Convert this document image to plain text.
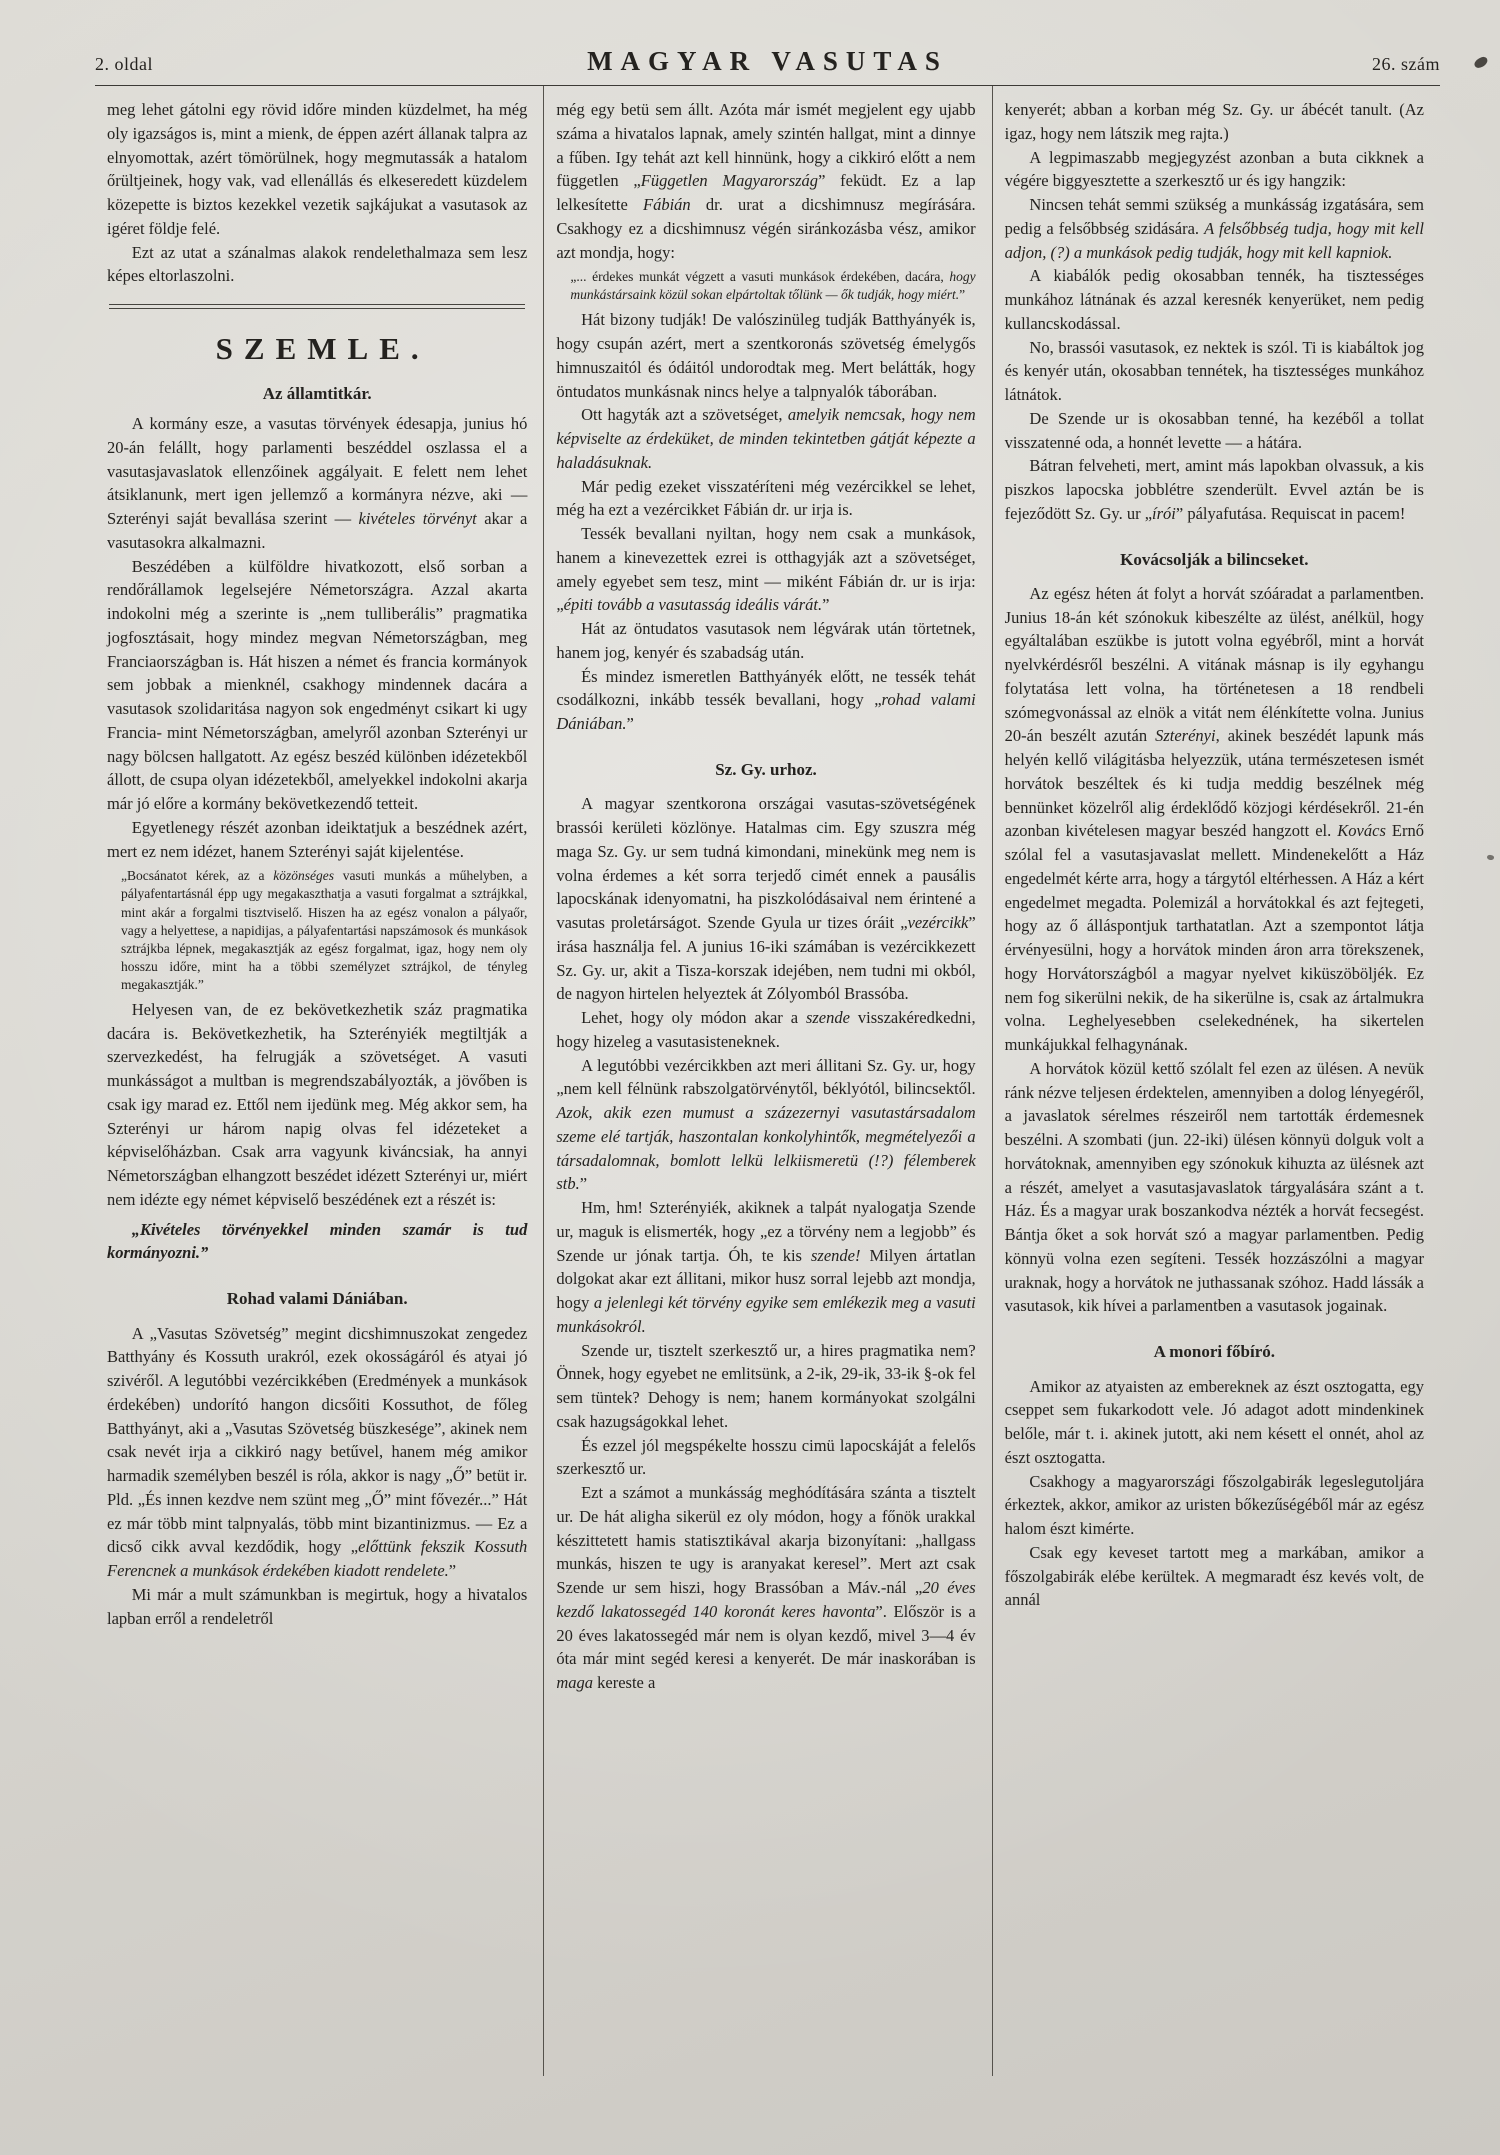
2. oldal	MAGYAR VASUTAS	26. szám
meg lehet gátolni egy rövid időre minden küzdelmet, ha még oly igazságos is, mint a mienk, de éppen azért állanak talpra az elnyomottak, azért tömörülnek, hogy megmutassák a hatalom őrültjeinek, hogy vak, vad ellenállás és elkeseredett küzdelem közepette is biztos kezekkel vezetik sajkájukat a vasutasok az igéret földje felé.
Ezt az utat a szánalmas alakok rendelethalmaza sem lesz képes eltorlaszolni.
SZEMLE.
Az államtitkár.
A kormány esze, a vasutas törvények édesapja, junius hó 20-án felállt, hogy parlamenti beszéddel oszlassa el a vasutasjavaslatok ellenzőinek aggályait. E felett nem lehet átsiklanunk, mert igen jellemző a kormányra nézve, aki — Szterényi saját bevallása szerint — kivételes törvényt akar a vasutasokra alkalmazni.
Beszédében a külföldre hivatkozott, első sorban a rendőrállamok legelsejére Németországra. Azzal akarta indokolni még a szerinte is „nem tulliberális” pragmatika jogfosztásait, hogy mindez megvan Németországban, meg Franciaországban is. Hát hiszen a német és francia kormányok sem jobbak a mienknél, csakhogy mindennek dacára a vasutasok szolidaritása nagyon sok engedményt csikart ki ugy Francia- mint Németországban, amelyről azonban Szterényi ur nagy bölcsen hallgatott. Az egész beszéd különben idézetekből állott, de csupa olyan idézetekből, amelyekkel indokolni akarja már jó előre a kormány bekövetkezendő tetteit.
Egyetlenegy részét azonban ideiktatjuk a beszédnek azért, mert ez nem idézet, hanem Szterényi saját kijelentése.
„Bocsánatot kérek, az a közönséges vasuti munkás a műhelyben, a pályafentartásnál épp ugy megakaszthatja a vasuti forgalmat a sztrájkkal, mint akár a forgalmi tisztviselő. Hiszen ha az egész vonalon a pályaőr, vagy a helyettese, a napidijas, a pályafentartási napszámosok és munkások sztrájkba lépnek, megakasztják az egész forgalmat, igaz, hogy nem oly hosszu időre, mint ha a többi személyzet sztrájkol, de tényleg megakasztják.”
Helyesen van, de ez bekövetkezhetik száz pragmatika dacára is. Bekövetkezhetik, ha Szterényiék megtiltják a szervezkedést, ha felrugják a szövetséget. A vasuti munkásságot a multban is megrendszabályozták, a jövőben is csak igy marad ez. Ettől nem ijedünk meg. Még akkor sem, ha Szterényi ur három napig olvas fel idézeteket a képviselőházban. Csak arra vagyunk kiváncsiak, ha annyi Németországban elhangzott beszédet idézett Szterényi ur, miért nem idézte egy német képviselő beszédének ezt a részét is:
„Kivételes törvényekkel minden szamár is tud kormányozni.”
Rohad valami Dániában.
A „Vasutas Szövetség” megint dicshimnuszokat zengedez Batthyány és Kossuth urakról, ezek okosságáról és atyai jó szivéről. A legutóbbi vezércikkében (Eredmények a munkások érdekében) undorító hangon dicsőiti Kossuthot, de főleg Batthyányt, aki a „Vasutas Szövetség büszkesége”, akinek nem csak nevét irja a cikkiró nagy betűvel, hanem még amikor harmadik személyben beszél is róla, akkor is nagy „Ő” betüt ir. Pld. „És innen kezdve nem szünt meg „Ő” mint fővezér...” Hát ez már több mint talpnyalás, több mint bizantinizmus. — Ez a dicső cikk avval kezdődik, hogy „előttünk fekszik Kossuth Ferencnek a munkások érdekében kiadott rendelete.”
Mi már a mult számunkban is megirtuk, hogy a hivatalos lapban erről a rendeletről
még egy betü sem állt. Azóta már ismét megjelent egy ujabb száma a hivatalos lapnak, amely szintén hallgat, mint a dinnye a fűben. Igy tehát azt kell hinnünk, hogy a cikkiró előtt a nem független „Független Magyarország” feküdt. Ez a lap lelkesítette Fábián dr. urat a dicshimnusz megírására. Csakhogy ez a dicshimnusz végén siránkozásba vész, amikor azt mondja, hogy:
„... érdekes munkát végzett a vasuti munkások érdekében, dacára, hogy munkástársaink közül sokan elpártoltak tőlünk — ők tudják, hogy miért.”
Hát bizony tudják! De valószinüleg tudják Batthyányék is, hogy csupán azért, mert a szentkoronás szövetség émelygős himnuszaitól és ódáitól undorodtak meg. Mert belátták, hogy öntudatos munkásnak nincs helye a talpnyalók táborában.
Ott hagyták azt a szövetséget, amelyik nemcsak, hogy nem képviselte az érdeküket, de minden tekintetben gátját képezte a haladásuknak.
Már pedig ezeket visszatéríteni még vezércikkel se lehet, még ha ezt a vezércikket Fábián dr. ur irja is.
Tessék bevallani nyiltan, hogy nem csak a munkások, hanem a kinevezettek ezrei is otthagyják azt a szövetséget, amely egyebet sem tesz, mint — miként Fábián dr. ur is irja: „épiti tovább a vasutasság ideális várát.”
Hát az öntudatos vasutasok nem légvárak után törtetnek, hanem jog, kenyér és szabadság után.
És mindez ismeretlen Batthyányék előtt, ne tessék tehát csodálkozni, inkább tessék bevallani, hogy „rohad valami Dániában.”
Sz. Gy. urhoz.
A magyar szentkorona országai vasutas-szövetségének brassói kerületi közlönye. Hatalmas cim. Egy szuszra még maga Sz. Gy. ur sem tudná kimondani, minekünk meg nem is volna érdemes a két sorra terjedő cimét ennek a pausális lapocskának idenyomatni, ha piszkolódásaival nem érintené a vasutas proletárságot. Szende Gyula ur tizes óráit „vezércikk” irása használja fel. A junius 16-iki számában is vezércikkezett Sz. Gy. ur, akit a Tisza-korszak idejében, nem tudni mi okból, de nagyon hirtelen helyeztek át Zólyomból Brassóba.
Lehet, hogy oly módon akar a szende visszakéredkedni, hogy hizeleg a vasutasisteneknek.
A legutóbbi vezércikkben azt meri állitani Sz. Gy. ur, hogy „nem kell félnünk rabszolgatörvénytől, béklyótól, bilincsektől. Azok, akik ezen mumust a százezernyi vasutastársadalom szeme elé tartják, haszontalan konkolyhintők, megmételyezői a társadalomnak, bomlott lelkü lelkiismeretü (!?) félemberek stb.”
Hm, hm! Szterényiék, akiknek a talpát nyalogatja Szende ur, maguk is elismerték, hogy „ez a törvény nem a legjobb” és Szende ur jónak tartja. Óh, te kis szende! Milyen ártatlan dolgokat akar ezt állitani, mikor husz sorral lejebb azt mondja, hogy a jelenlegi két törvény egyike sem emlékezik meg a vasuti munkásokról.
Szende ur, tisztelt szerkesztő ur, a hires pragmatika nem? Önnek, hogy egyebet ne emlitsünk, a 2-ik, 29-ik, 33-ik §-ok fel sem tüntek? Dehogy is nem; hanem kormányokat szolgálni csak hazugságokkal lehet.
És ezzel jól megspékelte hosszu cimü lapocskáját a felelős szerkesztő ur.
Ezt a számot a munkásság meghódítására szánta a tisztelt ur. De hát aligha sikerül ez oly módon, hogy a főnök urakkal készittetett hamis statisztikával akarja bizonyítani: „hallgass munkás, hiszen te ugy is aranyakat keresel”. Mert azt csak Szende ur sem hiszi, hogy Brassóban a Máv.-nál „20 éves kezdő lakatossegéd 140 koronát keres havonta”. Először is a 20 éves lakatossegéd már nem is olyan kezdő, mivel 3—4 év óta már mint segéd keresi a kenyerét. De már inaskorában is maga kereste a
kenyerét; abban a korban még Sz. Gy. ur ábécét tanult. (Az igaz, hogy nem látszik meg rajta.)
A legpimaszabb megjegyzést azonban a buta cikknek a végére biggyesztette a szerkesztő ur és igy hangzik:
Nincsen tehát semmi szükség a munkásság izgatására, sem pedig a felsőbbség szidására. A felsőbbség tudja, hogy mit kell adjon, (?) a munkások pedig tudják, hogy mit kell kapniok.
A kiabálók pedig okosabban tennék, ha tisztességes munkához látnának és azzal keresnék kenyerüket, nem pedig kullancskodással.
No, brassói vasutasok, ez nektek is szól. Ti is kiabáltok jog és kenyér után, okosabban tennétek, ha tisztességes munkához látnátok.
De Szende ur is okosabban tenné, ha kezéből a tollat visszatenné oda, a honnét levette — a hátára.
Bátran felveheti, mert, amint más lapokban olvassuk, a kis piszkos lapocska jobblétre szenderült. Evvel aztán be is fejeződött Sz. Gy. ur „írói” pályafutása. Requiscat in pacem!
Kovácsolják a bilincseket.
Az egész héten át folyt a horvát szóáradat a parlamentben. Junius 18-án két szónokuk kibeszélte az ülést, anélkül, hogy egyáltalában eszükbe is jutott volna egyébről, mint a horvát nyelvkérdésről beszélni. A vitának másnap is ily egyhangu folytatása lett volna, ha történetesen a 18 rendbeli szómegvonással az elnök a vitát nem élénkítette volna. Junius 20-án beszélt azután Szterényi, akinek beszédét lapunk más helyén kellő világitásba helyezzük, utána természetesen ismét horvátok beszéltek és ki tudja meddig beszélnek még bennünket közelről alig érdeklődő közjogi kérdésekről. 21-én azonban kivételesen magyar beszéd hangzott el. Kovács Ernő szólal fel a vasutasjavaslat mellett. Mindenekelőtt a Ház engedelmét kérte arra, hogy a tárgytól eltérhessen. A Ház a kért engedelmet megadta. Polemizál a horvátokkal és azt fejtegeti, hogy az ő álláspontjuk tarthatatlan. Azt a szempontot látja érvényesülni, hogy a horvátok minden áron arra törekszenek, hogy Horvátországból a magyar nyelvet kiküszöböljék. Ez nem fog sikerülni nekik, de ha sikerülne is, csak az ártalmukra volna. Leghelyesebben cselekednének, ha sikertelen munkájukkal felhagynának.
A horvátok közül kettő szólalt fel ezen az ülésen. A nevük ránk nézve teljesen érdektelen, amennyiben a dolog lényegéről, a javaslatok sérelmes részeiről nem tartották érdemesnek beszélni. A szombati (jun. 22-iki) ülésen könnyü dolguk volt a horvátoknak, amennyiben egy szónokuk kihuzta az ülésnek azt a részét, amelyet a vasutasjavaslatok tárgyalására szánt a t. Ház. És a magyar urak boszankodva nézték a horvát fecsegést. Bántja őket a sok horvát szó a magyar parlamentben. Pedig könnyü volna ezen segíteni. Tessék hozzászólni a magyar uraknak, hogy a horvátok ne juthassanak szóhoz. Hadd lássák a vasutasok, kik hívei a parlamentben a vasutasok jogainak.
A monori főbíró.
Amikor az atyaisten az embereknek az észt osztogatta, egy cseppet sem fukarkodott vele. Jó adagot adott mindenkinek belőle, már t. i. akinek jutott, aki nem késett el onnét, ahol az észt osztogatta.
Csakhogy a magyarországi főszolgabirák legeslegutoljára érkeztek, akkor, amikor az uristen bőkezűségéből már az egész halom észt kimérte.
Csak egy keveset tartott meg a markában, amikor a főszolgabirák elébe kerültek. A megmaradt ész kevés volt, de annál
